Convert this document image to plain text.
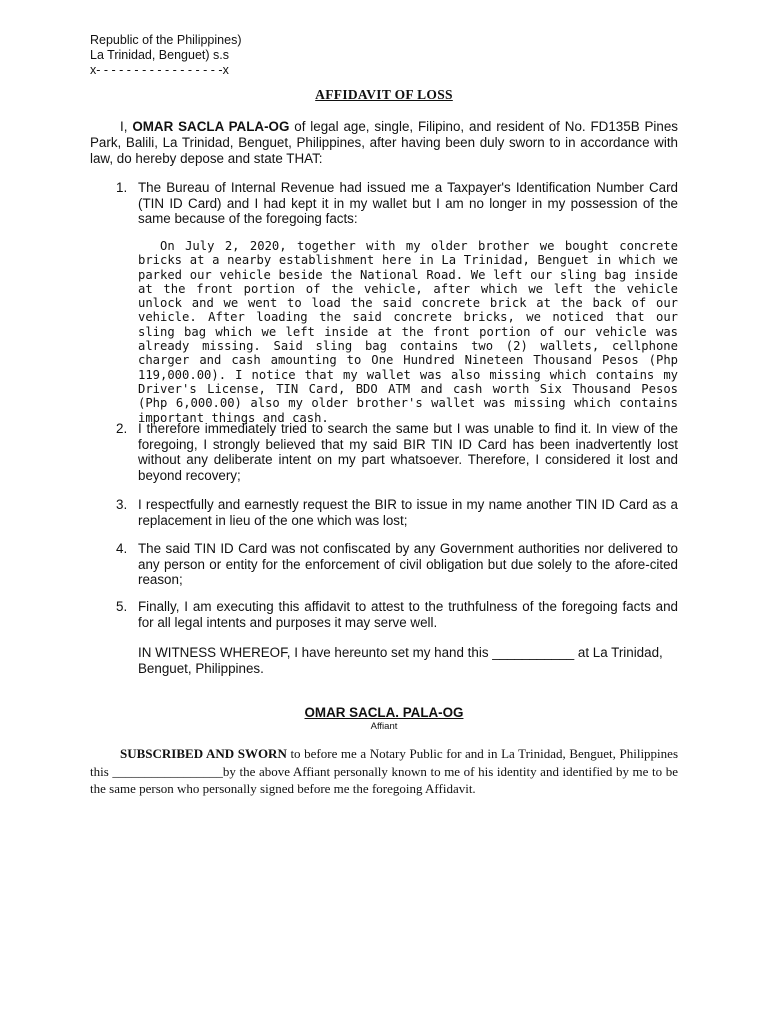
Republic of the Philippines)
La Trinidad, Benguet) s.s
x- - - - - - - - - - - - - - - - -x
AFFIDAVIT OF LOSS

I, OMAR SACLA PALA-OG of legal age, single, Filipino, and resident of No. FD135B Pines Park, Balili, La Trinidad, Benguet, Philippines, after having been duly sworn to in accordance with law, do hereby depose and state THAT:

1. The Bureau of Internal Revenue had issued me a Taxpayer's Identification Number Card (TIN ID Card) and I had kept it in my wallet but I am no longer in my possession of the same because of the foregoing facts:

On July 2, 2020, together with my older brother we bought concrete bricks at a nearby establishment here in La Trinidad, Benguet in which we parked our vehicle beside the National Road. We left our sling bag inside at the front portion of the vehicle, after which we left the vehicle unlock and we went to load the said concrete brick at the back of our vehicle. After loading the said concrete bricks, we noticed that our sling bag which we left inside at the front portion of our vehicle was already missing. Said sling bag contains two (2) wallets, cellphone charger and cash amounting to One Hundred Nineteen Thousand Pesos (Php 119,000.00). I notice that my wallet was also missing which contains my Driver's License, TIN Card, BDO ATM and cash worth Six Thousand Pesos (Php 6,000.00) also my older brother's wallet was missing which contains important things and cash.

2. I therefore immediately tried to search the same but I was unable to find it. In view of the foregoing, I strongly believed that my said BIR TIN ID Card has been inadvertently lost without any deliberate intent on my part whatsoever. Therefore, I considered it lost and beyond recovery;
3. I respectfully and earnestly request the BIR to issue in my name another TIN ID Card as a replacement in lieu of the one which was lost;
4. The said TIN ID Card was not confiscated by any Government authorities nor delivered to any person or entity for the enforcement of civil obligation but due solely to the afore-cited reason;
5. Finally, I am executing this affidavit to attest to the truthfulness of the foregoing facts and for all legal intents and purposes it may serve well.

IN WITNESS WHEREOF, I have hereunto set my hand this ___________ at La Trinidad, Benguet, Philippines.

OMAR SACLA. PALA-OG
Affiant

SUBSCRIBED AND SWORN to before me a Notary Public for and in La Trinidad, Benguet, Philippines this _________________by the above Affiant personally known to me of his identity and identified by me to be the same person who personally signed before me the foregoing Affidavit.
